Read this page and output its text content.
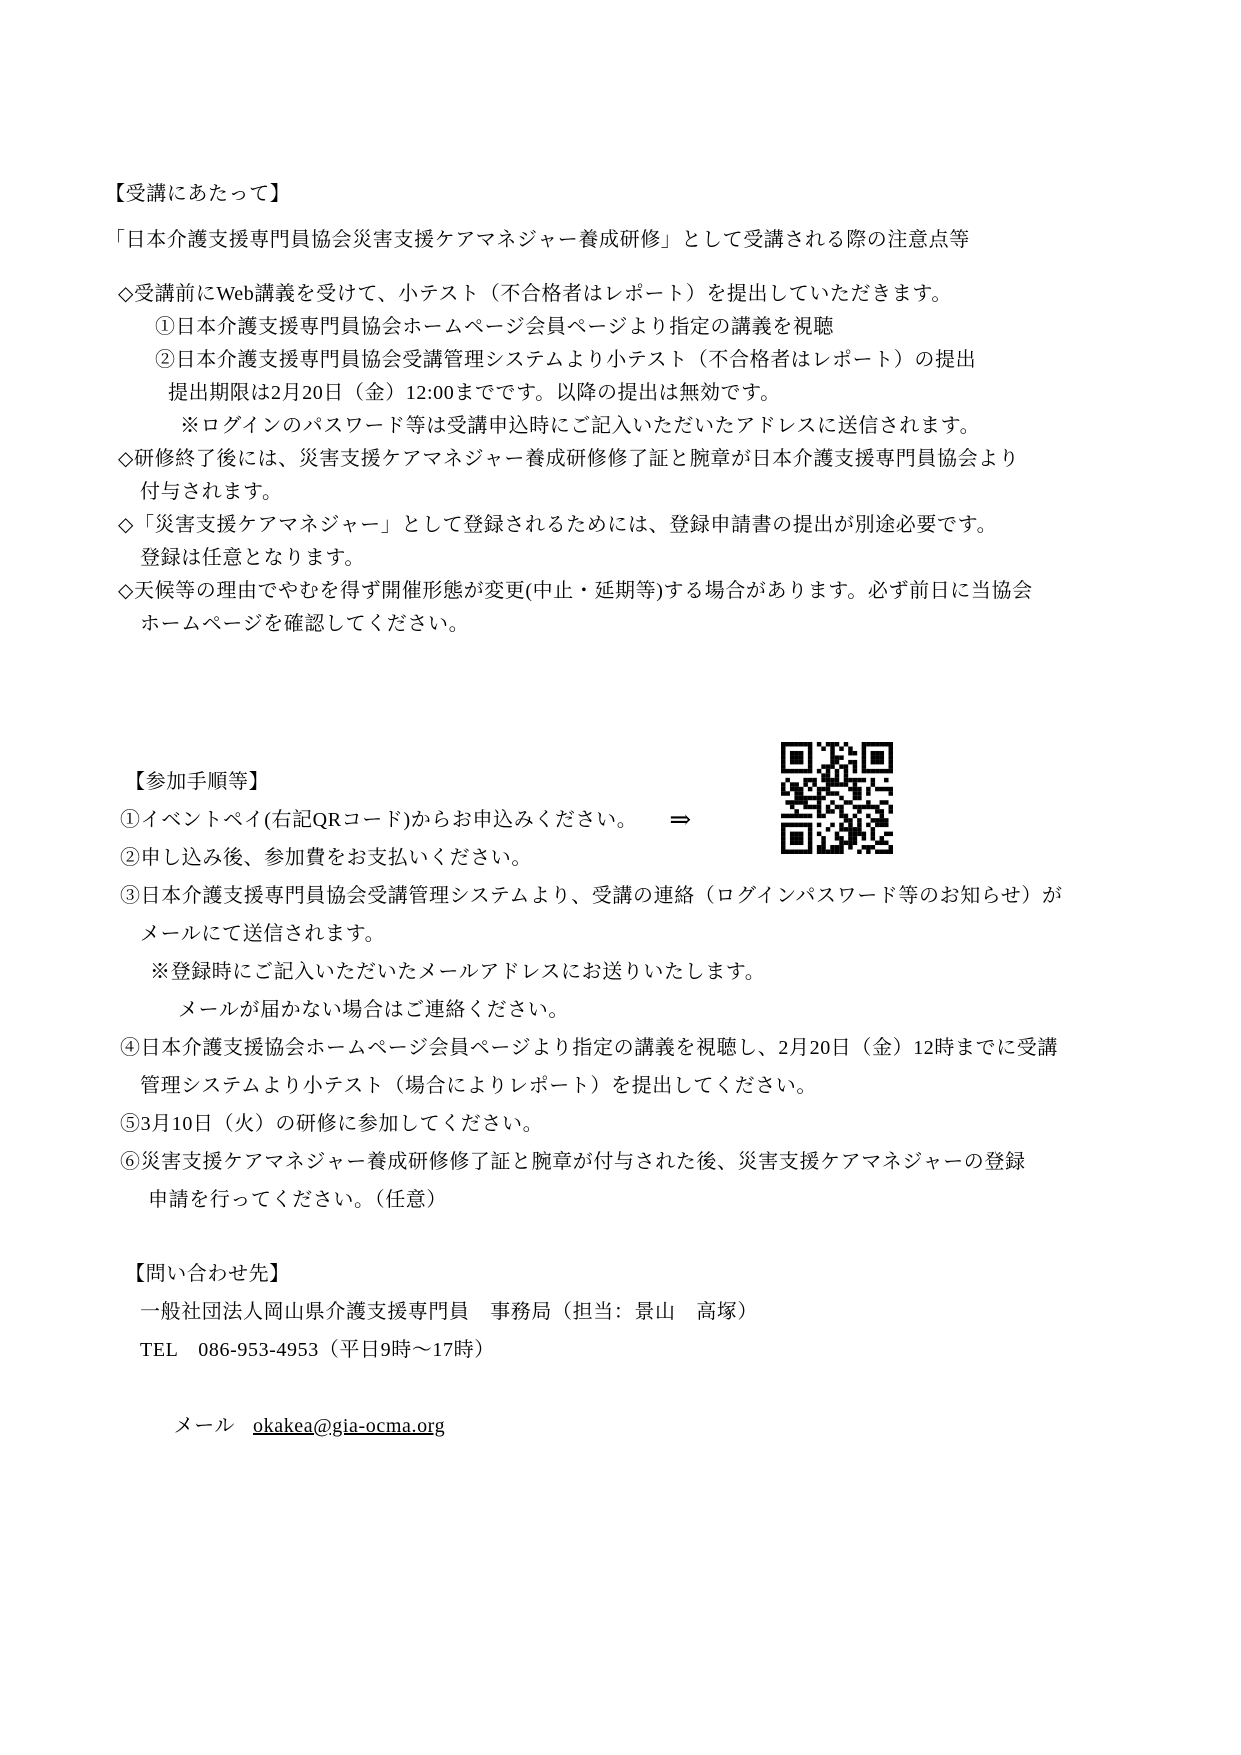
【受講にあたって】
「日本介護支援専門員協会災害支援ケアマネジャー養成研修」として受講される際の注意点等
◇受講前にWeb講義を受けて、小テスト（不合格者はレポート）を提出していただきます。
①日本介護支援専門員協会ホームページ会員ページより指定の講義を視聴
②日本介護支援専門員協会受講管理システムより小テスト（不合格者はレポート）の提出
提出期限は2月20日（金）12:00までです。以降の提出は無効です。
※ログインのパスワード等は受講申込時にご記入いただいたアドレスに送信されます。
◇研修終了後には、災害支援ケアマネジャー養成研修修了証と腕章が日本介護支援専門員協会より
付与されます。
◇「災害支援ケアマネジャー」として登録されるためには、登録申請書の提出が別途必要です。
登録は任意となります。
◇天候等の理由でやむを得ず開催形態が変更(中止・延期等)する場合があります。必ず前日に当協会
ホームページを確認してください。
【参加手順等】
①イベントペイ(右記QRコード)からお申込みください。 ⇒
②申し込み後、参加費をお支払いください。
③日本介護支援専門員協会受講管理システムより、受講の連絡（ログインパスワード等のお知らせ）が
メールにて送信されます。
※登録時にご記入いただいたメールアドレスにお送りいたします。
メールが届かない場合はご連絡ください。
④日本介護支援協会ホームページ会員ページより指定の講義を視聴し、2月20日（金）12時までに受講
管理システムより小テスト（場合によりレポート）を提出してください。
⑤3月10日（火）の研修に参加してください。
⑥災害支援ケアマネジャー養成研修修了証と腕章が付与された後、災害支援ケアマネジャーの登録
申請を行ってください。（任意）
【問い合わせ先】
一般社団法人岡山県介護支援専門員　事務局（担当：景山　高塚）
TEL　086-953-4953（平日9時～17時）

メール okakea@gia-ocma.org
